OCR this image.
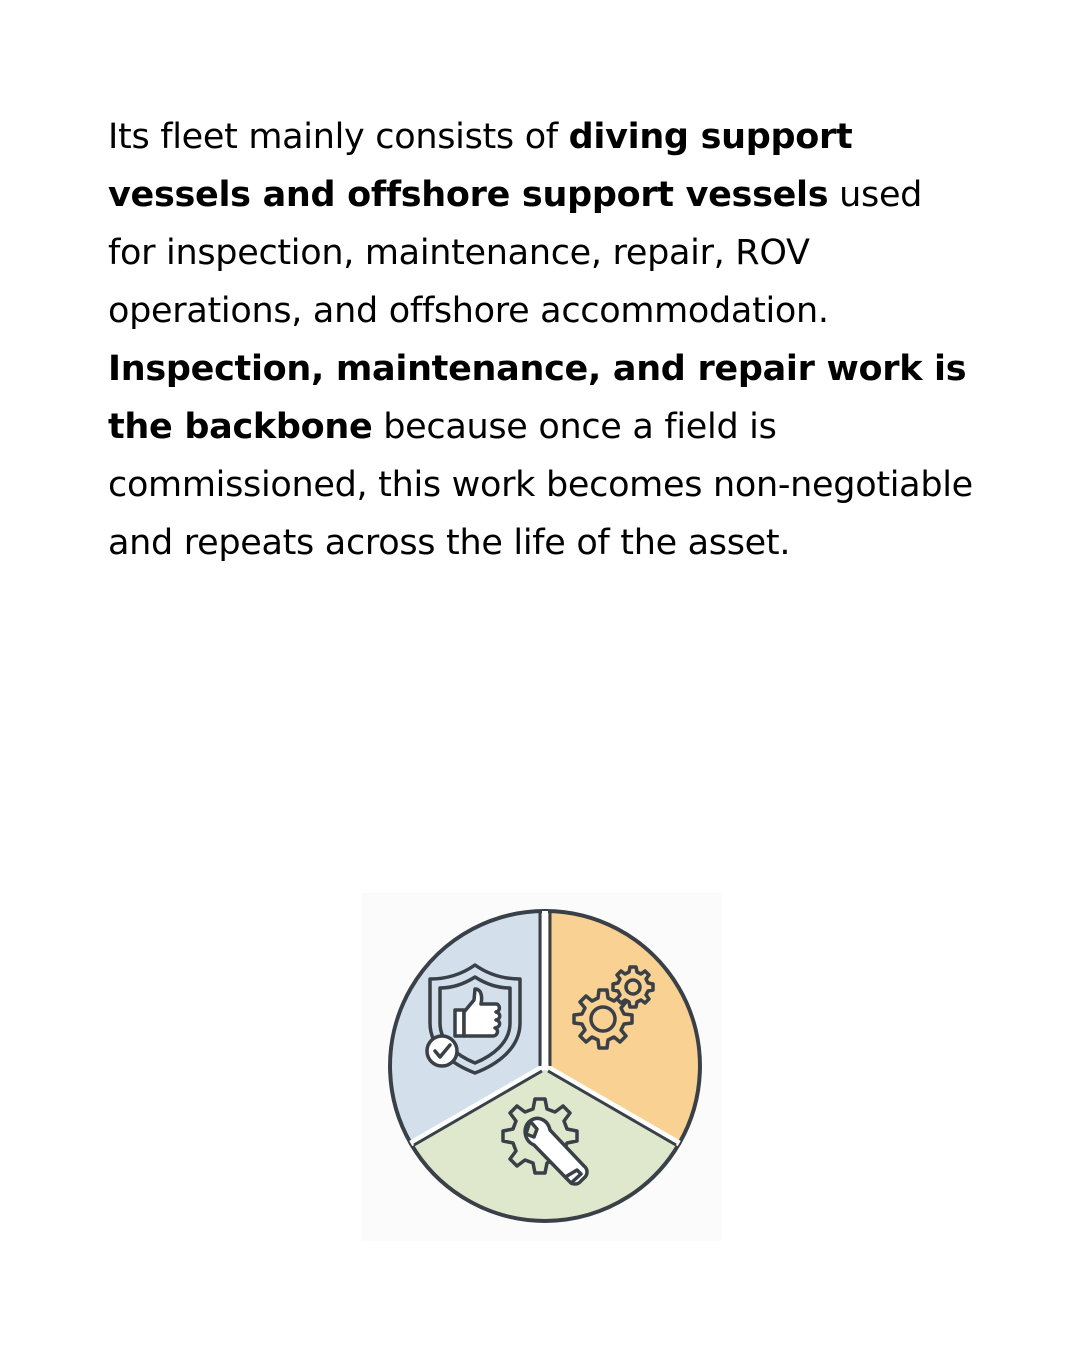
Its fleet mainly consists of diving support vessels and offshore support vessels used for inspection, maintenance, repair, ROV operations, and offshore accommodation. Inspection, maintenance, and repair work is the backbone because once a field is commissioned, this work becomes non-negotiable and repeats across the life of the asset.
